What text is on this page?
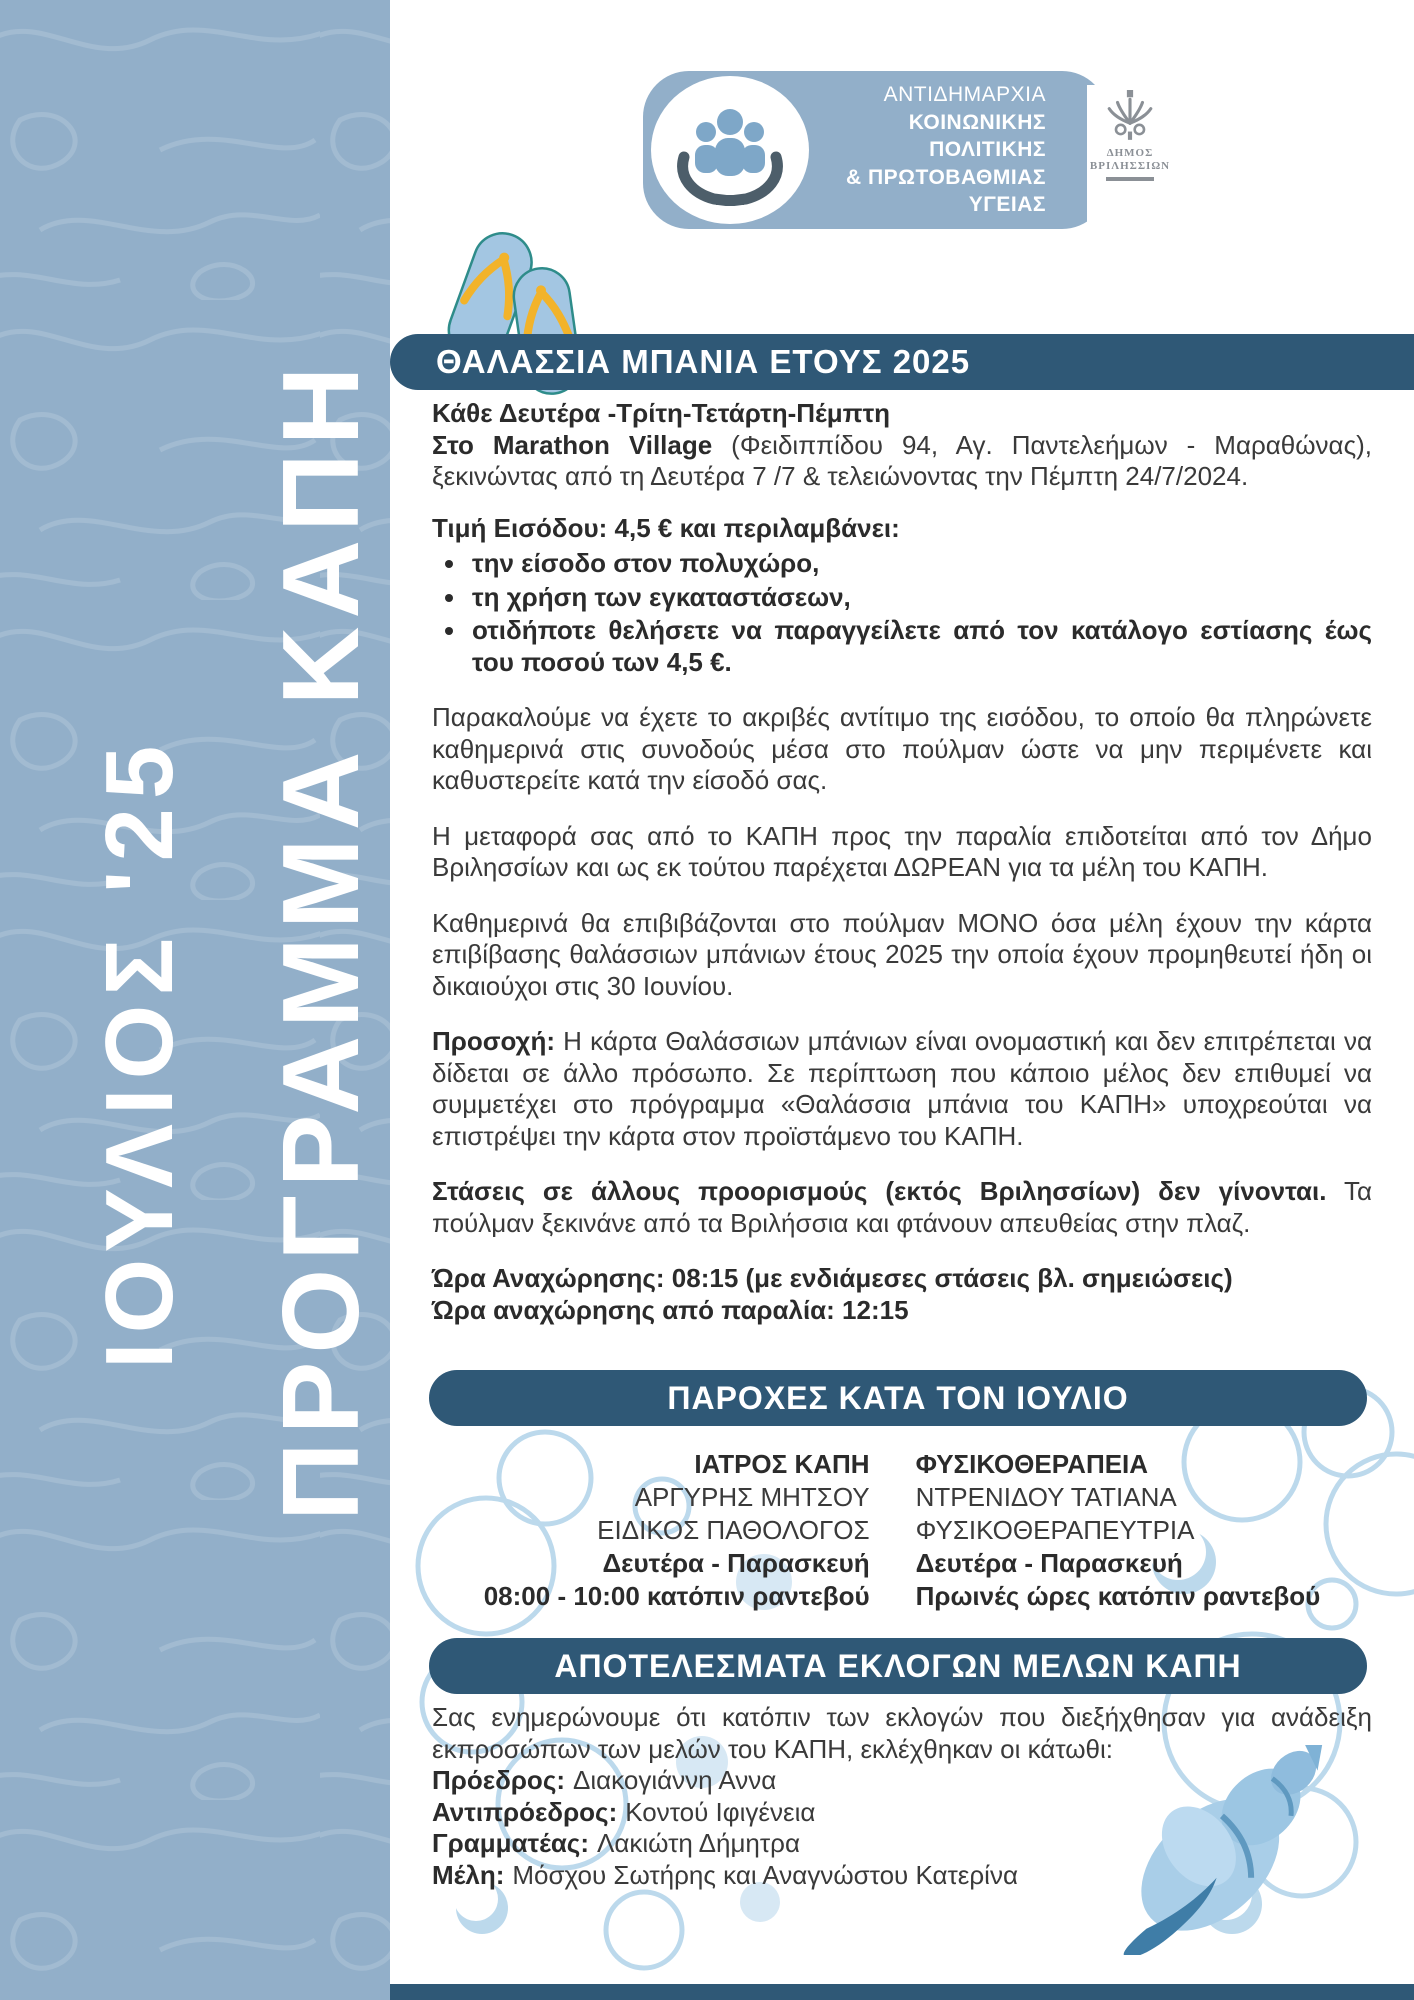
ΙΟΥΛΙΟΣ '25 ΠΡΟΓΡΑΜΜΑ ΚΑΠΗ
ΑΝΤΙΔΗΜΑΡΧΙΑ
ΚΟΙΝΩΝΙΚΗΣ
ΠΟΛΙΤΙΚΗΣ
& ΠΡΩΤΟΒΑΘΜΙΑΣ
ΥΓΕΙΑΣ
ΔΗΜΟΣ
ΒΡΙΛΗΣΣΙΩΝ
ΘΑΛΑΣΣΙΑ ΜΠΑΝΙΑ ΕΤΟΥΣ 2025

Κάθε Δευτέρα -Τρίτη-Τετάρτη-Πέμπτη

Στο Marathon Village (Φειδιππίδου 94, Αγ. Παντελεήμων - Μαραθώνας), ξεκινώντας από τη Δευτέρα 7 /7 & τελειώνοντας την Πέμπτη 24/7/2024.

Τιμή Εισόδου: 4,5 € και περιλαμβάνει:

• την είσοδο στον πολυχώρο,
• τη χρήση των εγκαταστάσεων,
• οτιδήποτε θελήσετε να παραγγείλετε από τον κατάλογο εστίασης έως του ποσού των 4,5 €.

Παρακαλούμε να έχετε το ακριβές αντίτιμο της εισόδου, το οποίο θα πληρώνετε καθημερινά στις συνοδούς μέσα στο πούλμαν ώστε να μην περιμένετε και καθυστερείτε κατά την είσοδό σας.

Η μεταφορά σας από το ΚΑΠΗ προς την παραλία επιδοτείται από τον Δήμο Βριλησσίων και ως εκ τούτου παρέχεται ΔΩΡΕΑΝ για τα μέλη του ΚΑΠΗ.

Καθημερινά θα επιβιβάζονται στο πούλμαν ΜΟΝΟ όσα μέλη έχουν την κάρτα επιβίβασης θαλάσσιων μπάνιων έτους 2025 την οποία έχουν προμηθευτεί ήδη οι δικαιούχοι στις 30 Ιουνίου.

Προσοχή: Η κάρτα Θαλάσσιων μπάνιων είναι ονομαστική και δεν επιτρέπεται να δίδεται σε άλλο πρόσωπο. Σε περίπτωση που κάποιο μέλος δεν επιθυμεί να συμμετέχει στο πρόγραμμα «Θαλάσσια μπάνια του ΚΑΠΗ» υποχρεούται να επιστρέψει την κάρτα στον προϊστάμενο του ΚΑΠΗ.

Στάσεις σε άλλους προορισμούς (εκτός Βριλησσίων) δεν γίνονται. Τα πούλμαν ξεκινάνε από τα Βριλήσσια και φτάνουν απευθείας στην πλαζ.

Ώρα Αναχώρησης: 08:15 (με ενδιάμεσες στάσεις βλ. σημειώσεις)

Ώρα αναχώρησης από παραλία: 12:15

ΠΑΡΟΧΕΣ ΚΑΤΑ ΤΟΝ ΙΟΥΛΙΟ
ΙΑΤΡΟΣ ΚΑΠΗ
ΑΡΓΥΡΗΣ ΜΗΤΣΟΥ
ΕΙΔΙΚΟΣ ΠΑΘΟΛΟΓΟΣ
Δευτέρα - Παρασκευή
08:00 - 10:00 κατόπιν ραντεβού
ΦΥΣΙΚΟΘΕΡΑΠΕΙΑ
ΝΤΡΕΝΙΔΟΥ ΤΑΤΙΑΝΑ
ΦΥΣΙΚΟΘΕΡΑΠΕΥΤΡΙΑ
Δευτέρα - Παρασκευή
Πρωινές ώρες κατόπιν ραντεβού
ΑΠΟΤΕΛΕΣΜΑΤΑ ΕΚΛΟΓΩΝ ΜΕΛΩΝ ΚΑΠΗ

Σας ενημερώνουμε ότι κατόπιν των εκλογών που διεξήχθησαν για ανάδειξη εκπροσώπων των μελών του ΚΑΠΗ, εκλέχθηκαν οι κάτωθι:

Πρόεδρος: Διακογιάννη Αννα

Αντιπρόεδρος: Κοντού Ιφιγένεια

Γραμματέας: Λακιώτη Δήμητρα

Μέλη: Μόσχου Σωτήρης και Αναγνώστου Κατερίνα
